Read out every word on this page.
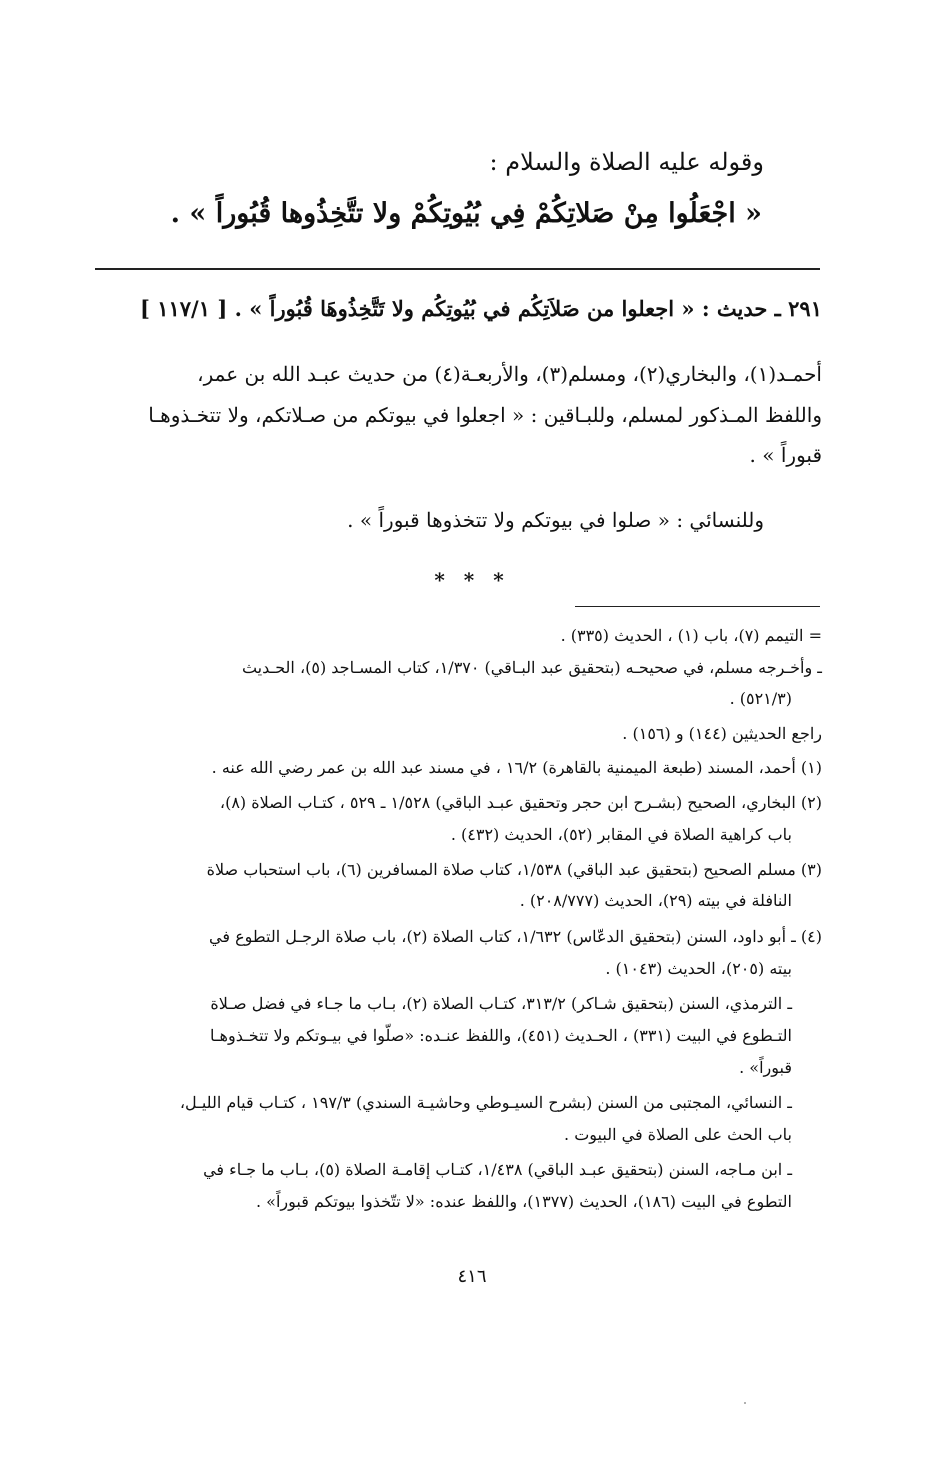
وقوله عليه الصلاة والسلام :
« اجْعَلُوا مِنْ صَلاتِكُمْ فِي بُيُوتِكُمْ ولا تتَّخِذُوها قُبُوراً » .
٢٩١ ـ حديث : « اجعلوا من صَلاَتِكُم في بُيُوتِكُم ولا تَتَّخِذُوهَا قُبُوراً » . [ ١١٧/١ ]
أحمـد(١)، والبخاري(٢)، ومسلم(٣)، والأربعـة(٤) من حديث عبـد الله بن عمر،
واللفظ المـذكور لمسلم، وللبـاقين : « اجعلوا في بيوتكم من صـلاتكم، ولا تتخـذوهـا
قبوراً » .
وللنسائي : « صلوا في بيوتكم ولا تتخذوها قبوراً » .
* * *
= التيمم (٧)، باب (١) ، الحديث (٣٣٥) .
ـ وأخـرجه مسلم، في صحيحـه (بتحقيق عبد البـاقي) ١/٣٧٠، كتاب المسـاجد (٥)، الحـديث
(٥٢١/٣) .
راجع الحديثين (١٤٤) و (١٥٦) .
(١) أحمد، المسند (طبعة الميمنية بالقاهرة) ١٦/٢ ، في مسند عبد الله بن عمر رضي الله عنه .
(٢) البخاري، الصحيح (بشـرح ابن حجر وتحقيق عبـد الباقي) ١/٥٢٨ ـ ٥٢٩ ، كتـاب الصلاة (٨)،
باب كراهية الصلاة في المقابر (٥٢)، الحديث (٤٣٢) .
(٣) مسلم الصحيح (بتحقيق عبد الباقي) ١/٥٣٨، كتاب صلاة المسافرين (٦)، باب استحباب صلاة
النافلة في بيته (٢٩)، الحديث (٢٠٨/٧٧٧) .
(٤) ـ أبو داود، السنن (بتحقيق الدعّاس) ١/٦٣٢، كتاب الصلاة (٢)، باب صلاة الرجـل التطوع في
بيته (٢٠٥)، الحديث (١٠٤٣) .
ـ الترمذي، السنن (بتحقيق شـاكر) ٣١٣/٢، كتـاب الصلاة (٢)، بـاب ما جـاء في فضل صـلاة
التـطوع في البيت (٣٣١) ، الحـديث (٤٥١)، واللفظ عنـده: «صلّوا في بيـوتكم ولا تتخـذوهـا
قبوراً» .
ـ النسائي، المجتبى من السنن (بشرح السيـوطي وحاشيـة السندي) ١٩٧/٣ ، كتـاب قيام الليـل،
باب الحث على الصلاة في البيوت .
ـ ابن مـاجه، السنن (بتحقيق عبـد الباقي) ١/٤٣٨، كتـاب إقامـة الصلاة (٥)، بـاب ما جـاء في
التطوع في البيت (١٨٦)، الحديث (١٣٧٧)، واللفظ عنده: «لا تتّخذوا بيوتكم قبوراً» .
٤١٦
